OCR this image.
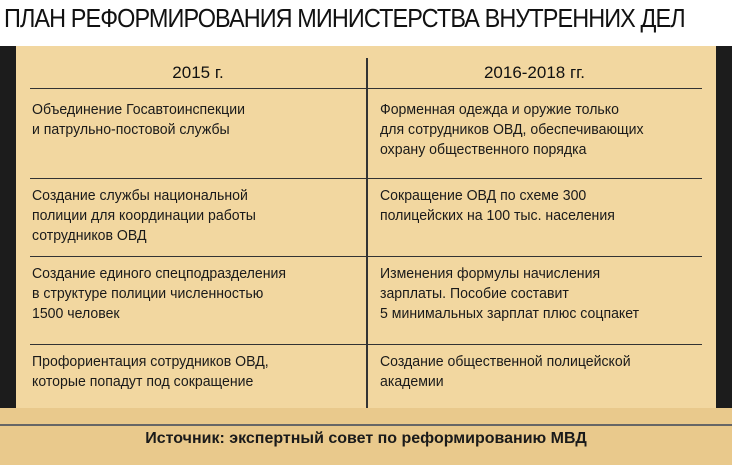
ПЛАН РЕФОРМИРОВАНИЯ МИНИСТЕРСТВА ВНУТРЕННИХ ДЕЛ
2015 г.	2016-2018 гг.
Объединение Госавтоинспекции
и патрульно-постовой службы
Форменная одежда и оружие только
для сотрудников ОВД, обеспечивающих
охрану общественного порядка
Создание службы национальной
полиции для координации работы
сотрудников ОВД
Сокращение ОВД по схеме 300
полицейских на 100 тыс. населения
Создание единого спецподразделения
в структуре полиции численностью
1500 человек
Изменения формулы начисления
зарплаты. Пособие составит
5 минимальных зарплат плюс соцпакет
Профориентация сотрудников ОВД,
которые попадут под сокращение
Создание общественной полицейской
академии
Источник: экспертный совет по реформированию МВД
